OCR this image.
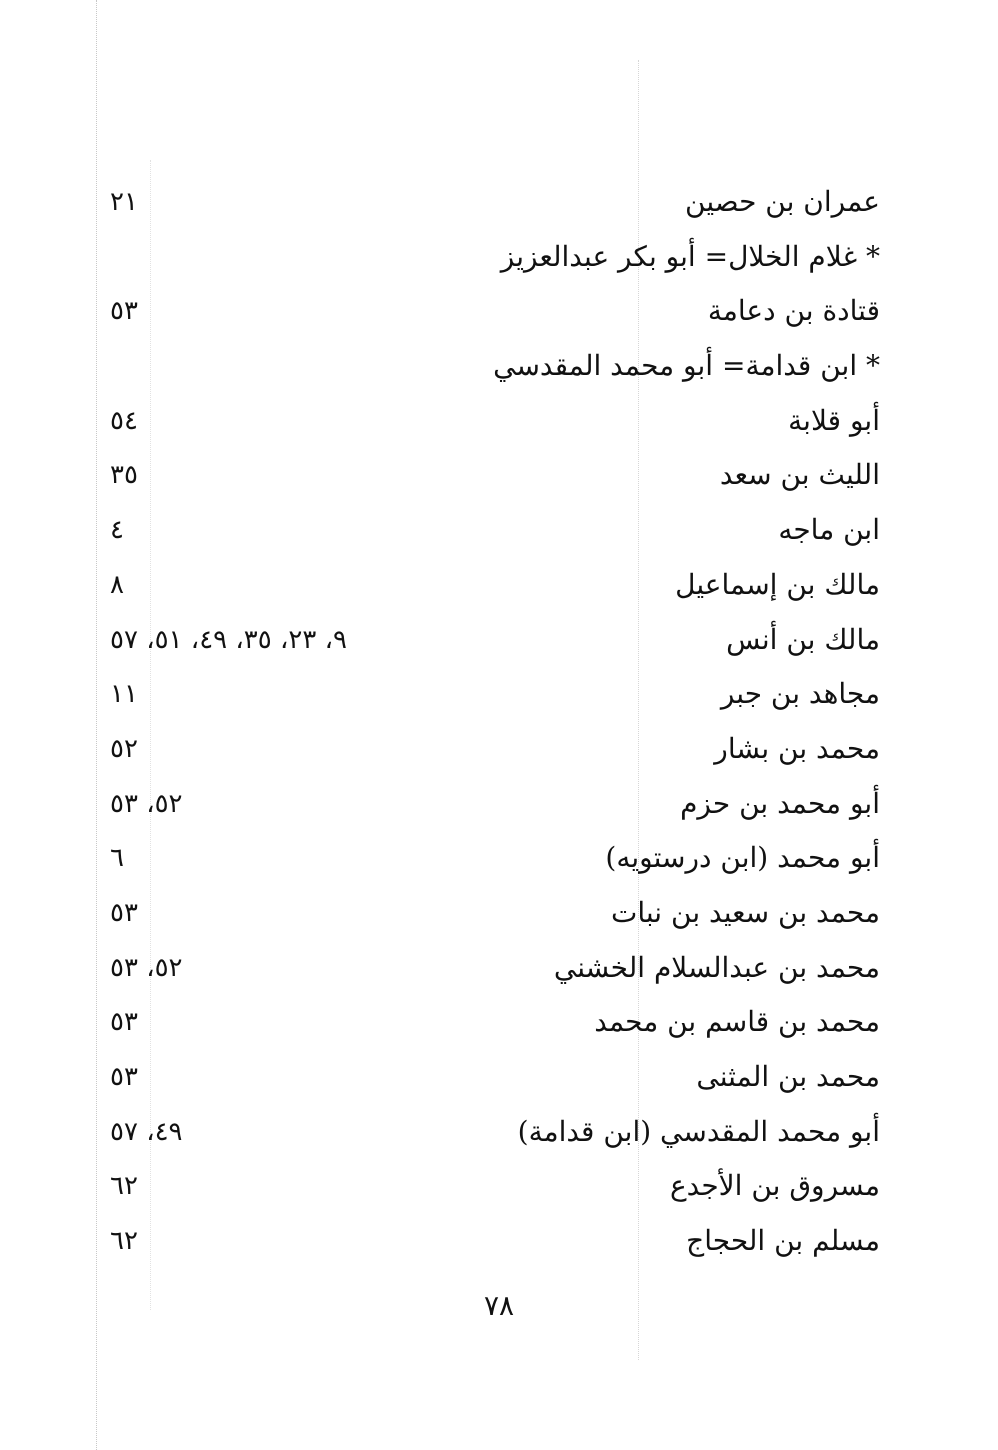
عمران بن حصين
٢١
* غلام الخلال= أبو بكر عبدالعزيز
قتادة بن دعامة
٥٣
* ابن قدامة= أبو محمد المقدسي
أبو قلابة
٥٤
الليث بن سعد
٣٥
ابن ماجه
٤
مالك بن إسماعيل
٨
مالك بن أنس
٩، ٢٣، ٣٥، ٤٩، ٥١، ٥٧
مجاهد بن جبر
١١
محمد بن بشار
٥٢
أبو محمد بن حزم
٥٢، ٥٣
أبو محمد (ابن درستويه)
٦
محمد بن سعيد بن نبات
٥٣
محمد بن عبدالسلام الخشني
٥٢، ٥٣
محمد بن قاسم بن محمد
٥٣
محمد بن المثنى
٥٣
أبو محمد المقدسي (ابن قدامة)
٤٩، ٥٧
مسروق بن الأجدع
٦٢
مسلم بن الحجاج
٦٢
٧٨
